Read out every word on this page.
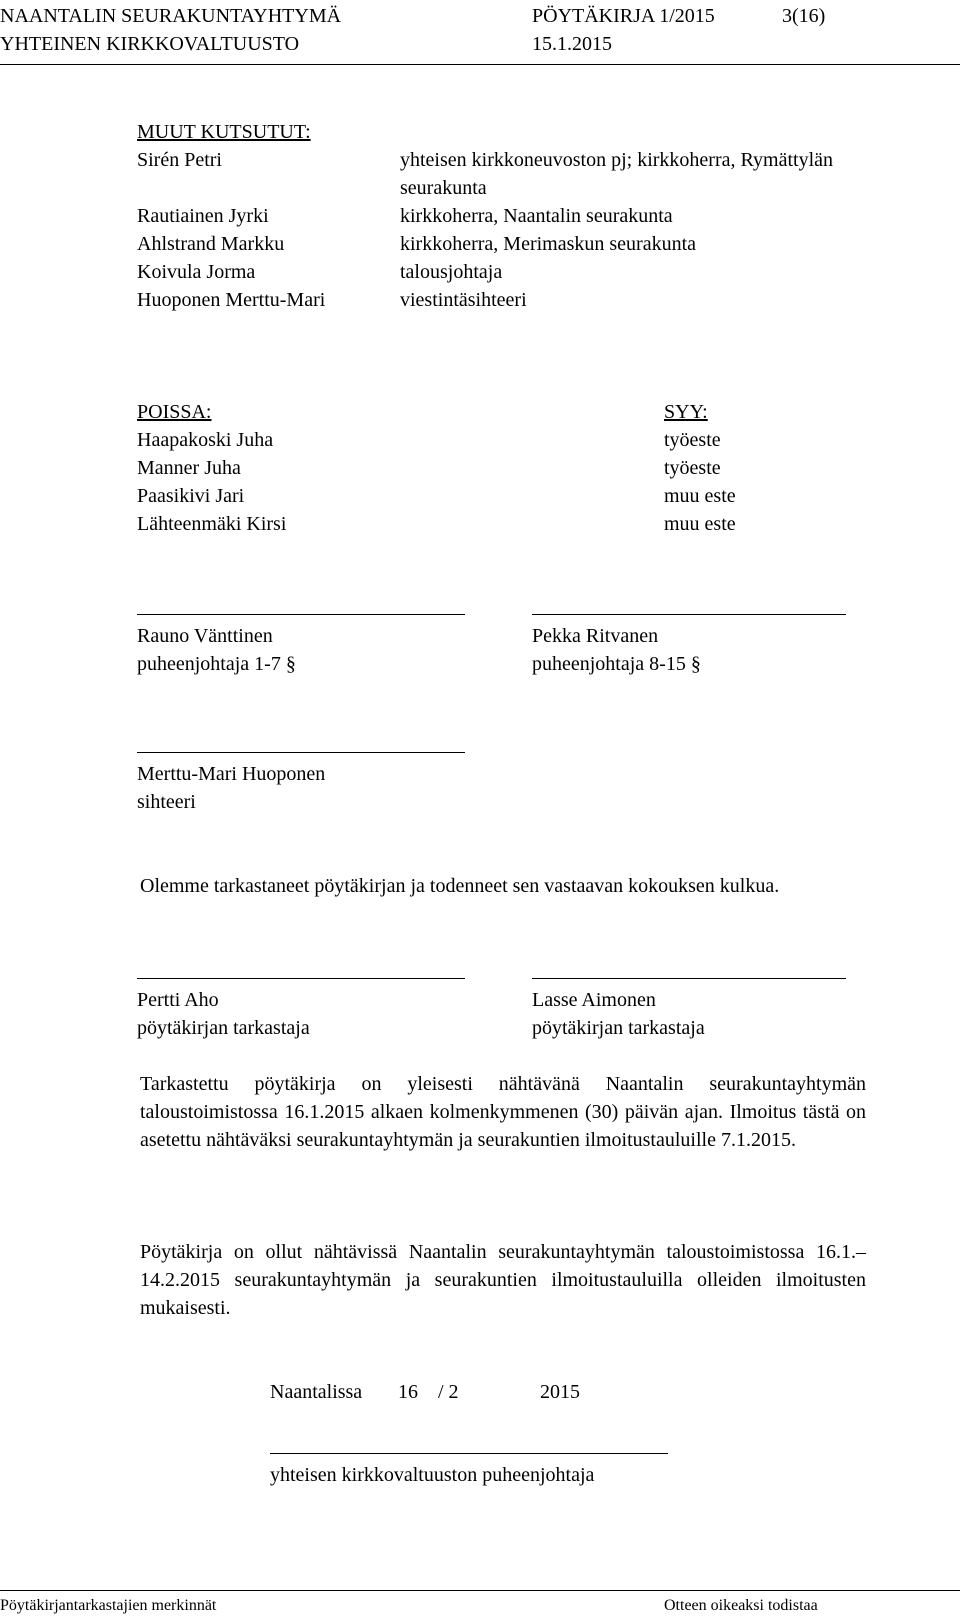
NAANTALIN SEURAKUNTAYHTYMÄ	PÖYTÄKIRJA 1/2015	3(16)
YHTEINEN KIRKKOVALTUUSTO	15.1.2015
MUUT KUTSUTUT:
Sirén Petri	yhteisen kirkkoneuvoston pj; kirkkoherra, Rymättylän
seurakunta
Rautiainen Jyrki	kirkkoherra, Naantalin seurakunta
Ahlstrand Markku	kirkkoherra, Merimaskun seurakunta
Koivula Jorma	talousjohtaja
Huoponen Merttu-Mari	viestintäsihteeri
POISSA:	SYY:
Haapakoski Juha	työeste
Manner Juha	työeste
Paasikivi Jari	muu este
Lähteenmäki Kirsi	muu este
Rauno Vänttinen
puheenjohtaja 1-7 §
Pekka Ritvanen
puheenjohtaja 8-15 §
Merttu-Mari Huoponen
sihteeri
Olemme tarkastaneet pöytäkirjan ja todenneet sen vastaavan kokouksen kulkua.
Pertti Aho
pöytäkirjan tarkastaja
Lasse Aimonen
pöytäkirjan tarkastaja
Tarkastettu pöytäkirja on yleisesti nähtävänä Naantalin seurakuntayhtymän taloustoimistossa 16.1.2015 alkaen kolmenkymmenen (30) päivän ajan. Ilmoitus tästä on asetettu nähtäväksi seurakuntayhtymän ja seurakuntien ilmoitustauluille 7.1.2015.
Pöytäkirja on ollut nähtävissä Naantalin seurakuntayhtymän taloustoimistossa 16.1.–14.2.2015 seurakuntayhtymän ja seurakuntien ilmoitustauluilla olleiden ilmoitusten mukaisesti.
Naantalissa 16 / 2	2015
yhteisen kirkkovaltuuston puheenjohtaja
Pöytäkirjantarkastajien merkinnät	Otteen oikeaksi todistaa
